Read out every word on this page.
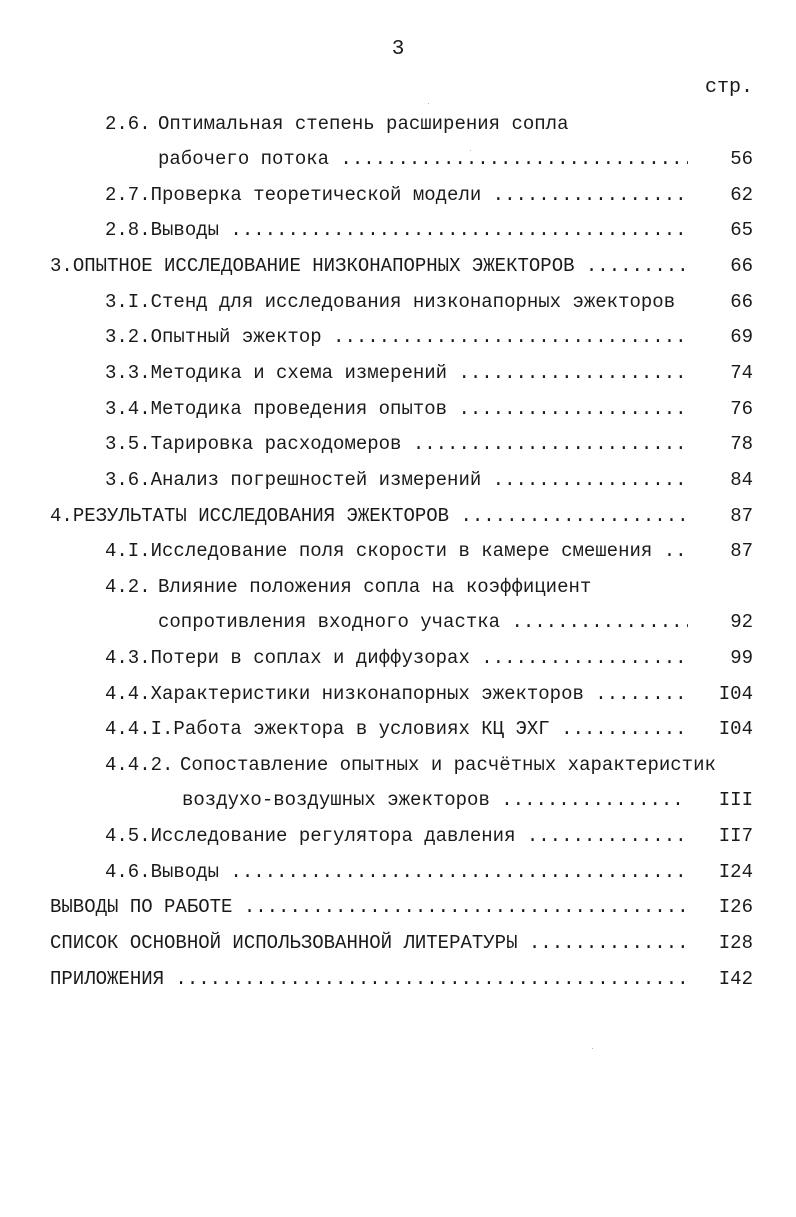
3
стр.
2.6. Оптимальная степень расширения сопла
рабочего потока .....	56
2.7. Проверка теоретической модели .....	62
2.8. Выводы .....	65
3. ОПЫТНОЕ ИССЛЕДОВАНИЕ НИЗКОНАПОРНЫХ ЭЖЕКТОРОВ .....	66
3.I. Стенд для исследования низконапорных эжекторов .....	66
3.2. Опытный эжектор .....	69
3.3. Методика и схема измерений .....	74
3.4. Методика проведения опытов .....	76
3.5. Тарировка расходомеров .....	78
3.6. Анализ погрешностей измерений .....	84
4. РЕЗУЛЬТАТЫ ИССЛЕДОВАНИЯ ЭЖЕКТОРОВ .....	87
4.I. Исследование поля скорости в камере смешения .....	87
4.2. Влияние положения сопла на коэффициент
сопротивления входного участка .....	92
4.3. Потери в соплах и диффузорах .....	99
4.4. Характеристики низконапорных эжекторов .....	I04
4.4.I. Работа эжектора в условиях КЦ ЭХГ .....	I04
4.4.2. Сопоставление опытных и расчётных характеристик
воздухо-воздушных эжекторов .....	III
4.5. Исследование регулятора давления .....	II7
4.6. Выводы .....	I24
ВЫВОДЫ ПО РАБОТЕ .....	I26
СПИСОК ОСНОВНОЙ ИСПОЛЬЗОВАННОЙ ЛИТЕРАТУРЫ .....	I28
ПРИЛОЖЕНИЯ .....	I42
